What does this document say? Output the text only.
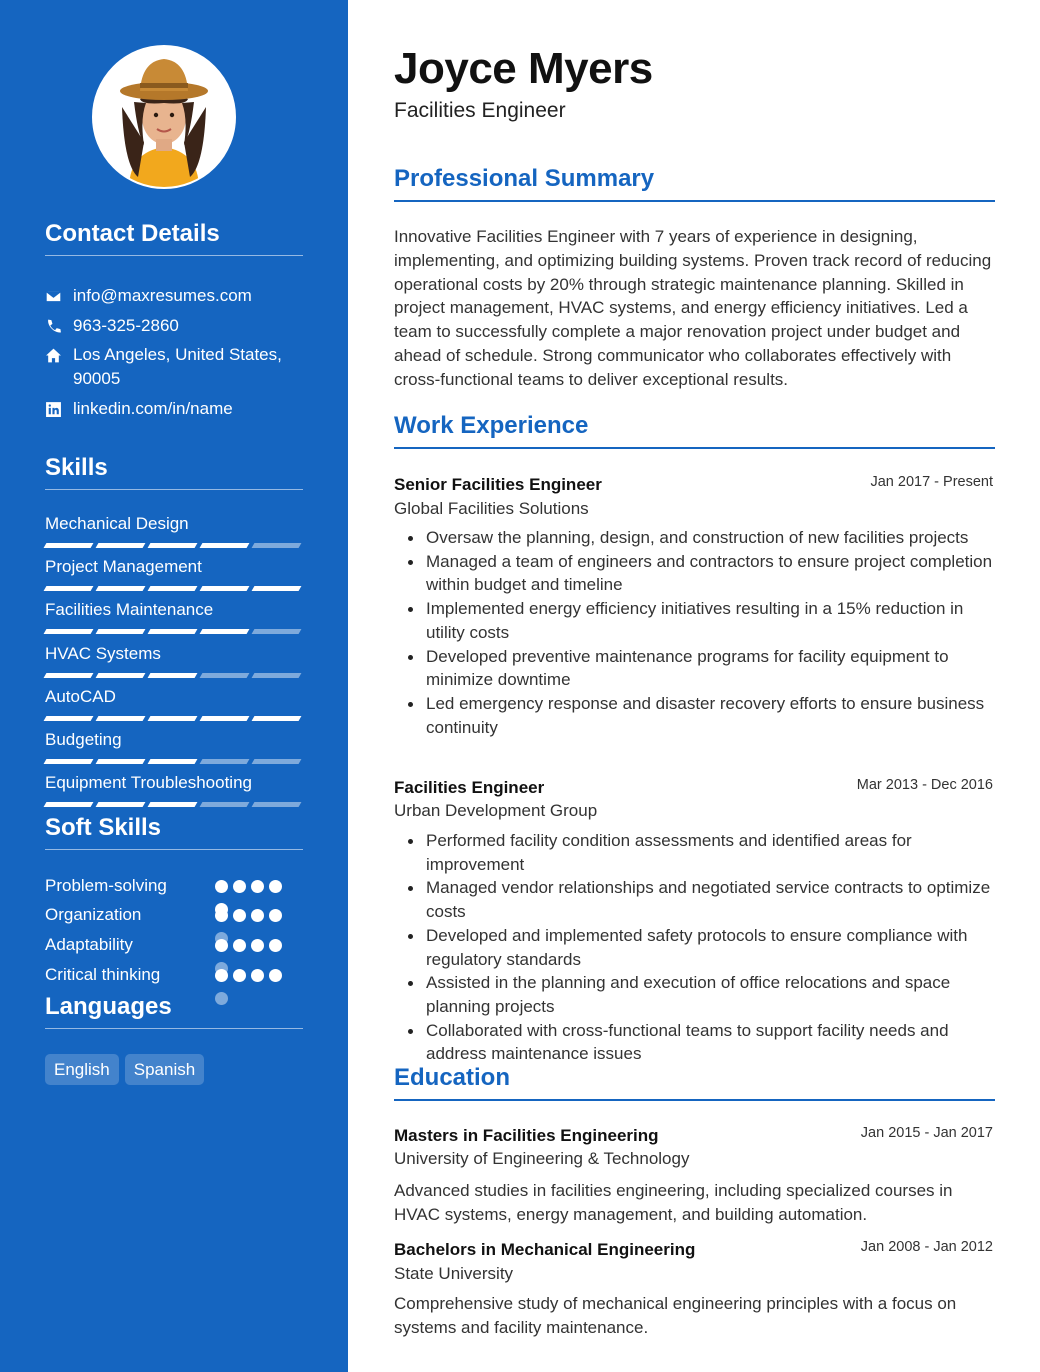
Contact Details
info@maxresumes.com
963-325-2860
Los Angeles, United States, 90005
linkedin.com/in/name
Skills
Mechanical Design
Project Management
Facilities Maintenance
HVAC Systems
AutoCAD
Budgeting
Equipment Troubleshooting
Soft Skills
Problem-solving
Organization
Adaptability
Critical thinking
Languages
English	Spanish
Joyce Myers
Facilities Engineer
Professional Summary
Innovative Facilities Engineer with 7 years of experience in designing, implementing, and optimizing building systems. Proven track record of reducing operational costs by 20% through strategic maintenance planning. Skilled in project management, HVAC systems, and energy efficiency initiatives. Led a team to successfully complete a major renovation project under budget and ahead of schedule. Strong communicator who collaborates effectively with cross-functional teams to deliver exceptional results.
Work Experience
Senior Facilities Engineer	Jan 2017 - Present
Global Facilities Solutions
Oversaw the planning, design, and construction of new facilities projects
Managed a team of engineers and contractors to ensure project completion within budget and timeline
Implemented energy efficiency initiatives resulting in a 15% reduction in utility costs
Developed preventive maintenance programs for facility equipment to minimize downtime
Led emergency response and disaster recovery efforts to ensure business continuity
Facilities Engineer	Mar 2013 - Dec 2016
Urban Development Group
Performed facility condition assessments and identified areas for improvement
Managed vendor relationships and negotiated service contracts to optimize costs
Developed and implemented safety protocols to ensure compliance with regulatory standards
Assisted in the planning and execution of office relocations and space planning projects
Collaborated with cross-functional teams to support facility needs and address maintenance issues
Education
Masters in Facilities Engineering	Jan 2015 - Jan 2017
University of Engineering & Technology
Advanced studies in facilities engineering, including specialized courses in HVAC systems, energy management, and building automation.
Bachelors in Mechanical Engineering	Jan 2008 - Jan 2012
State University
Comprehensive study of mechanical engineering principles with a focus on systems and facility maintenance.
